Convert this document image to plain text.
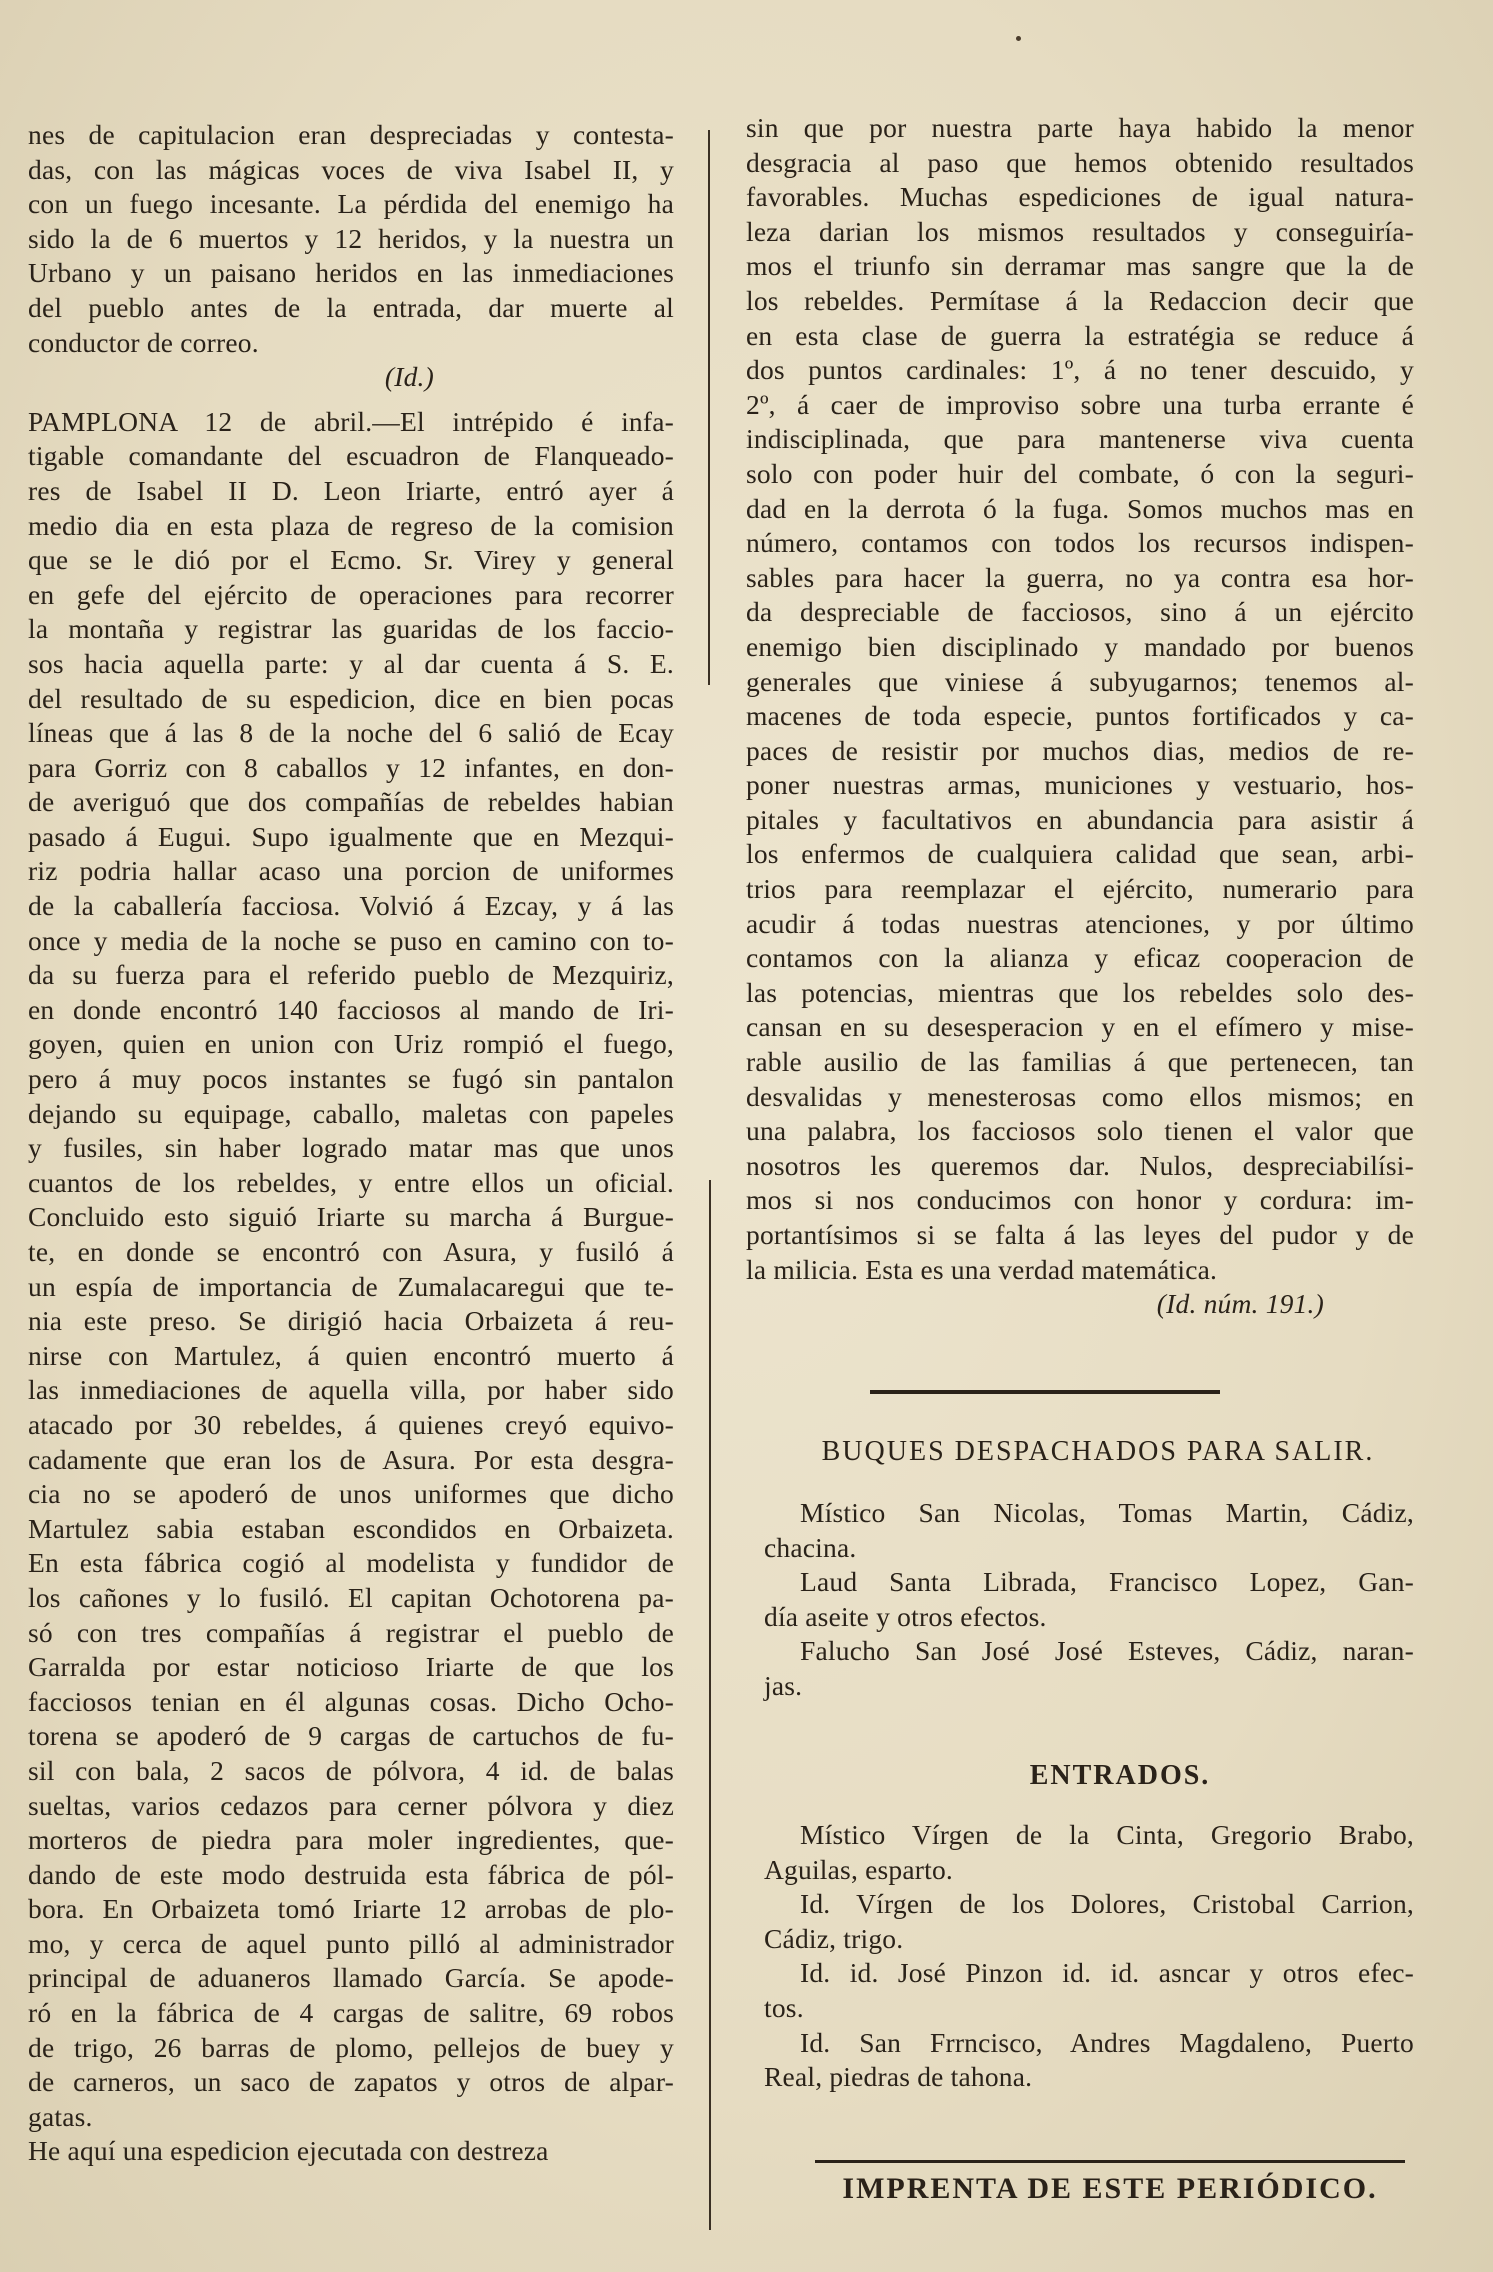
nes de capitulacion eran despreciadas y contesta-
das, con las mágicas voces de viva Isabel II, y
con un fuego incesante. La pérdida del enemigo ha
sido la de 6 muertos y 12 heridos, y la nuestra un
Urbano y un paisano heridos en las inmediaciones
del pueblo antes de la entrada, dar muerte al
conductor de correo.
(Id.)
PAMPLONA 12 de abril.—El intrépido é infa-
tigable comandante del escuadron de Flanqueado-
res de Isabel II D. Leon Iriarte, entró ayer á
medio dia en esta plaza de regreso de la comision
que se le dió por el Ecmo. Sr. Virey y general
en gefe del ejército de operaciones para recorrer
la montaña y registrar las guaridas de los faccio-
sos hacia aquella parte: y al dar cuenta á S. E.
del resultado de su espedicion, dice en bien pocas
líneas que á las 8 de la noche del 6 salió de Ecay
para Gorriz con 8 caballos y 12 infantes, en don-
de averiguó que dos compañías de rebeldes habian
pasado á Eugui. Supo igualmente que en Mezqui-
riz podria hallar acaso una porcion de uniformes
de la caballería facciosa. Volvió á Ezcay, y á las
once y media de la noche se puso en camino con to-
da su fuerza para el referido pueblo de Mezquiriz,
en donde encontró 140 facciosos al mando de Iri-
goyen, quien en union con Uriz rompió el fuego,
pero á muy pocos instantes se fugó sin pantalon
dejando su equipage, caballo, maletas con papeles
y fusiles, sin haber logrado matar mas que unos
cuantos de los rebeldes, y entre ellos un oficial.
Concluido esto siguió Iriarte su marcha á Burgue-
te, en donde se encontró con Asura, y fusiló á
un espía de importancia de Zumalacaregui que te-
nia este preso. Se dirigió hacia Orbaizeta á reu-
nirse con Martulez, á quien encontró muerto á
las inmediaciones de aquella villa, por haber sido
atacado por 30 rebeldes, á quienes creyó equivo-
cadamente que eran los de Asura. Por esta desgra-
cia no se apoderó de unos uniformes que dicho
Martulez sabia estaban escondidos en Orbaizeta.
En esta fábrica cogió al modelista y fundidor de
los cañones y lo fusiló. El capitan Ochotorena pa-
só con tres compañías á registrar el pueblo de
Garralda por estar noticioso Iriarte de que los
facciosos tenian en él algunas cosas. Dicho Ocho-
torena se apoderó de 9 cargas de cartuchos de fu-
sil con bala, 2 sacos de pólvora, 4 id. de balas
sueltas, varios cedazos para cerner pólvora y diez
morteros de piedra para moler ingredientes, que-
dando de este modo destruida esta fábrica de pól-
bora. En Orbaizeta tomó Iriarte 12 arrobas de plo-
mo, y cerca de aquel punto pilló al administrador
principal de aduaneros llamado García. Se apode-
ró en la fábrica de 4 cargas de salitre, 69 robos
de trigo, 26 barras de plomo, pellejos de buey y
de carneros, un saco de zapatos y otros de alpar-
gatas.
He aquí una espedicion ejecutada con destreza
sin que por nuestra parte haya habido la menor
desgracia al paso que hemos obtenido resultados
favorables. Muchas espediciones de igual natura-
leza darian los mismos resultados y conseguiría-
mos el triunfo sin derramar mas sangre que la de
los rebeldes. Permítase á la Redaccion decir que
en esta clase de guerra la estratégia se reduce á
dos puntos cardinales: 1º, á no tener descuido, y
2º, á caer de improviso sobre una turba errante é
indisciplinada, que para mantenerse viva cuenta
solo con poder huir del combate, ó con la seguri-
dad en la derrota ó la fuga. Somos muchos mas en
número, contamos con todos los recursos indispen-
sables para hacer la guerra, no ya contra esa hor-
da despreciable de facciosos, sino á un ejército
enemigo bien disciplinado y mandado por buenos
generales que viniese á subyugarnos; tenemos al-
macenes de toda especie, puntos fortificados y ca-
paces de resistir por muchos dias, medios de re-
poner nuestras armas, municiones y vestuario, hos-
pitales y facultativos en abundancia para asistir á
los enfermos de cualquiera calidad que sean, arbi-
trios para reemplazar el ejército, numerario para
acudir á todas nuestras atenciones, y por último
contamos con la alianza y eficaz cooperacion de
las potencias, mientras que los rebeldes solo des-
cansan en su desesperacion y en el efímero y mise-
rable ausilio de las familias á que pertenecen, tan
desvalidas y menesterosas como ellos mismos; en
una palabra, los facciosos solo tienen el valor que
nosotros les queremos dar. Nulos, despreciabilísi-
mos si nos conducimos con honor y cordura: im-
portantísimos si se falta á las leyes del pudor y de
la milicia. Esta es una verdad matemática.
(Id. núm. 191.)
BUQUES DESPACHADOS PARA SALIR.
Místico San Nicolas, Tomas Martin, Cádiz,
chacina.
Laud Santa Librada, Francisco Lopez, Gan-
día aseite y otros efectos.
Falucho San José José Esteves, Cádiz, naran-
jas.
ENTRADOS.
Místico Vírgen de la Cinta, Gregorio Brabo,
Aguilas, esparto.
Id. Vírgen de los Dolores, Cristobal Carrion,
Cádiz, trigo.
Id. id. José Pinzon id. id. asncar y otros efec-
tos.
Id. San Frrncisco, Andres Magdaleno, Puerto
Real, piedras de tahona.
IMPRENTA DE ESTE PERIÓDICO.
